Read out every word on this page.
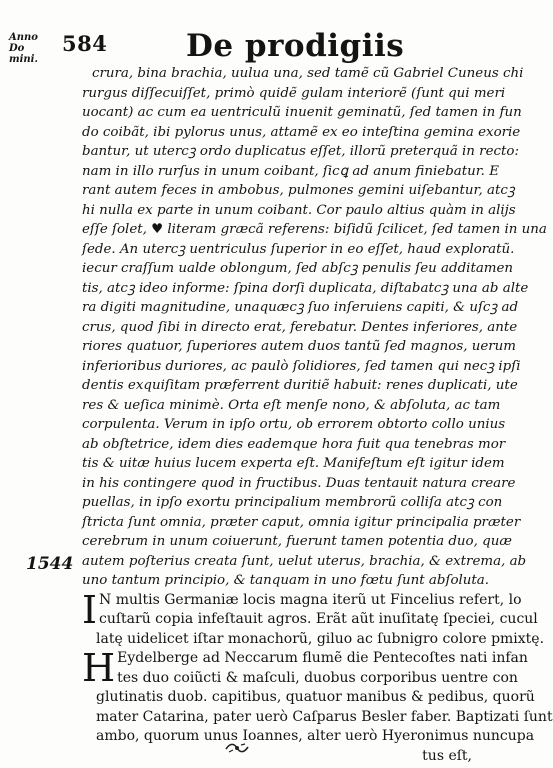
Anno Do
mini.
584	De prodigiis
1544
crura, bina brachia, uulua una, sed tamẽ cũ Gabriel Cuneus chi
rurgus diſſecuiſſet, primò quidẽ gulam interiorẽ (ſunt qui meri
uocant) ac cum ea uentriculũ inuenit geminatũ, ſed tamen in fun
do coibãt, ibi pylorus unus, attamẽ ex eo inteſtina gemina exorie
bantur, ut utercꝫ ordo duplicatus eſſet, illorũ preterquã in recto:
nam in illo rurſus in unum coibant, ſicꝗ ad anum finiebatur. E
rant autem feces in ambobus, pulmones gemini uiſebantur, atcꝫ
hi nulla ex parte in unum coibant. Cor paulo altius quàm in alijs
eſſe ſolet, ♥ literam græcã referens: biſidũ ſcilicet, ſed tamen in una
ſede. An utercꝫ uentriculus ſuperior in eo eſſet, haud exploratũ.
iecur craſſum ualde oblongum, ſed abſcꝫ penulis ſeu additamen
tis, atcꝫ ideo informe: ſpina dorſi duplicata, diſtabatcꝫ una ab alte
ra digiti magnitudine, unaquæcꝫ ſuo inſeruiens capiti, & uſcꝫ ad
crus, quod ſibi in directo erat, ferebatur. Dentes inferiores, ante
riores quatuor, ſuperiores autem duos tantũ ſed magnos, uerum
inferioribus duriores, ac paulò ſolidiores, ſed tamen qui necꝫ ipſi
dentis exquiſitam præferrent duritiẽ habuit: renes duplicati, ute
res & ueſica minimè. Orta eſt menſe nono, & abſoluta, ac tam
corpulenta. Verum in ipſo ortu, ob errorem obtorto collo unius
ab obſtetrice, idem dies eademque hora fuit qua tenebras mor
tis & uitæ huius lucem experta eſt. Manifeſtum eſt igitur idem
in his contingere quod in fructibus. Duas tentauit natura creare
puellas, in ipſo exortu principalium membrorũ colliſa atcꝫ con
ſtricta ſunt omnia, præter caput, omnia igitur principalia præter
cerebrum in unum coiuerunt, fuerunt tamen potentia duo, quæ
autem poſterius creata ſunt, uelut uterus, brachia, & extrema, ab
uno tantum principio, & tanquam in uno fœtu ſunt abſoluta.
I N multis Germaniæ locis magna iterũ ut Fincelius refert, lo
cuſtarũ copia infeſtauit agros. Erãt aũt inuſitatę ſpeciei, cucul
latę uidelicet iſtar monachorũ, giluo ac ſubnigro colore pmixtę.
H Eydelberge ad Neccarum flumẽ die Pentecoſtes nati infan
tes duo coiũcti & maſculi, duobus corporibus uentre con
glutinatis duob. capitibus, quatuor manibus & pedibus, quorũ
mater Catarina, pater uerò Caſparus Besler faber. Baptizati ſunt
ambo, quorum unus Ioannes, alter uerò Hyeronimus nuncupa
tus eſt,
